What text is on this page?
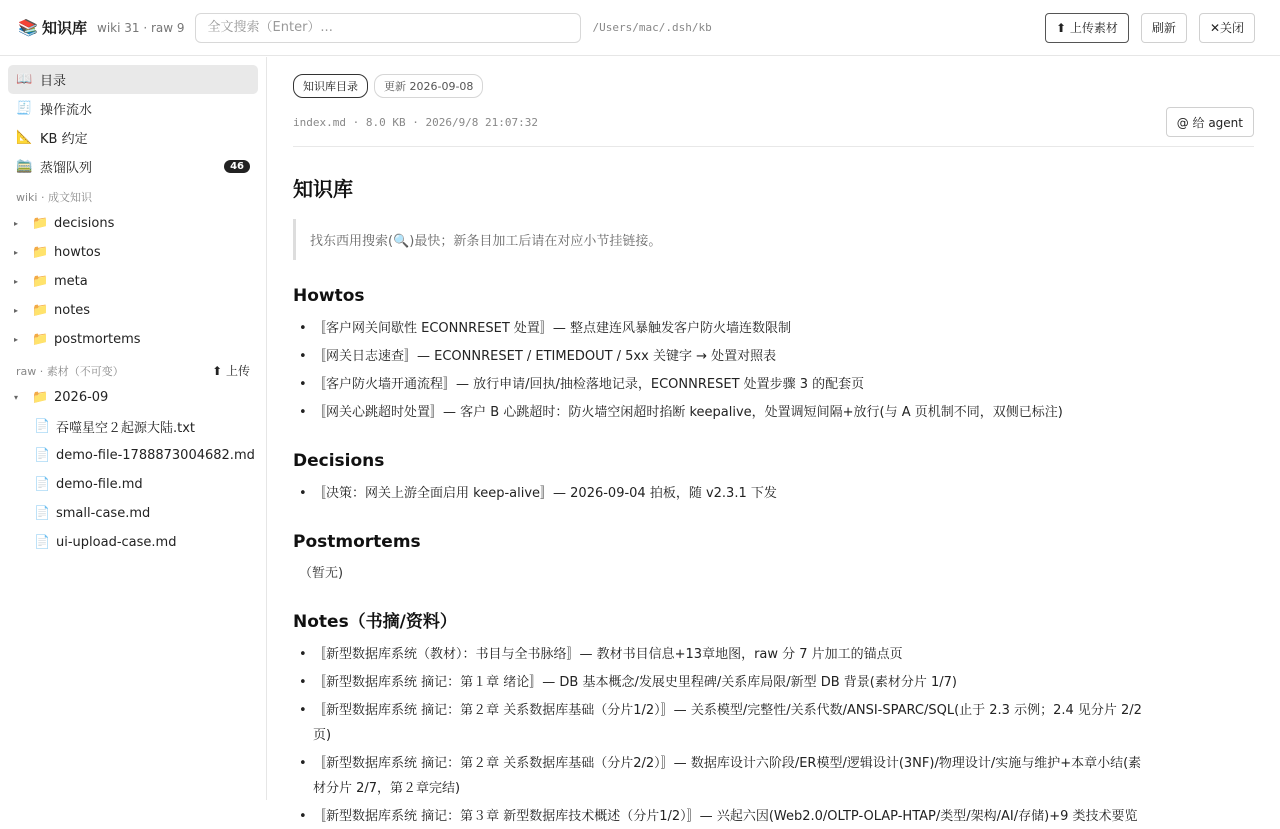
📚 知识库 wiki 31 · raw 9
全文搜索（Enter）...	/Users/mac/.dsh/kb	⬆ 上传素材	刷新	✕关闭
📖 目录
🧾 操作流水
📐 KB 约定
🚞 蒸馏队列	46
wiki · 成文知识
▸	📁 decisions
▸	📁 howtos
▸	📁 meta
▸	📁 notes
▸	📁 postmortems
raw · 素材（不可变）	⬆ 上传
▾	📁 2026-09
📄 吞噬星空２起源大陆.txt
📄 demo-file-1788873004682.md
📄 demo-file.md
📄 small-case.md
📄 ui-upload-case.md
知识库目录	更新 2026-09-08
index.md · 8.0 KB · 2026/9/8 21:07:32	@ 给 agent
知识库
找东西用搜索(🔍)最快；新条目加工后请在对应小节挂链接。
Howtos
• 〚客户网关间歇性 ECONNRESET 处置〛— 整点建连风暴触发客户防火墙连数限制
• 〚网关日志速查〛— ECONNRESET / ETIMEDOUT / 5xx 关键字 → 处置对照表
• 〚客户防火墙开通流程〛— 放行申请/回执/抽检落地记录，ECONNRESET 处置步骤 3 的配套页
• 〚网关心跳超时处置〛— 客户 B 心跳超时：防火墙空闲超时掐断 keepalive，处置调短间隔+放行(与 A 页机制不同，双侧已标注)
Decisions
• 〚决策：网关上游全面启用 keep-alive〛— 2026-09-04 拍板，随 v2.3.1 下发
Postmortems
（暂无)
Notes（书摘/资料）
• 〚新型数据库系统（教材）：书目与全书脉络〛— 教材书目信息+13章地图，raw 分 7 片加工的锚点页
• 〚新型数据库系统 摘记：第１章 绪论〛— DB 基本概念/发展史里程碑/关系库局限/新型 DB 背景(素材分片 1/7)
• 〚新型数据库系统 摘记：第２章 关系数据库基础（分片1/2）〛— 关系模型/完整性/关系代数/ANSI-SPARC/SQL(止于 2.3 示例；2.4 见分片 2/2 页)
• 〚新型数据库系统 摘记：第２章 关系数据库基础（分片2/2）〛— 数据库设计六阶段/ER模型/逻辑设计(3NF)/物理设计/实施与维护+本章小结(素材分片 2/7，第２章完结)
• 〚新型数据库系统 摘记：第３章 新型数据库技术概述（分片1/2）〛— 兴起六因(Web2.0/OLTP-OLAP-HTAP/类型/架构/AI/存储)+9 类技术要览
